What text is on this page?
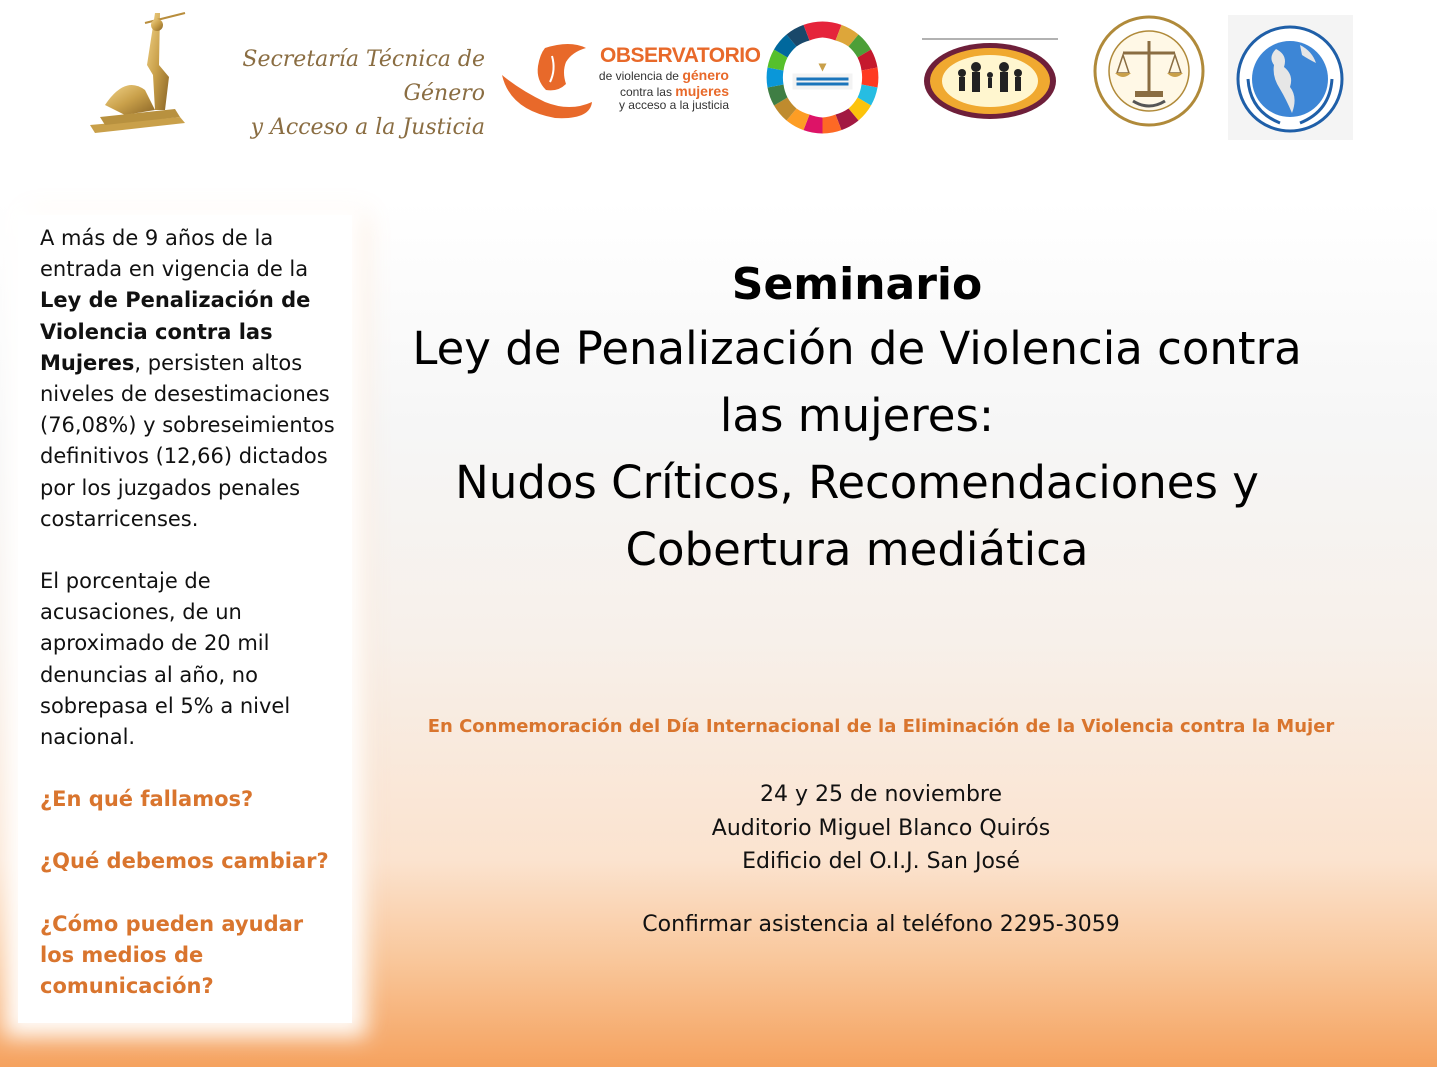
Secretaría Técnica de Género
y Acceso a la Justicia
OBSERVATORIO
de violencia de género
contra las mujeres
y acceso a la justicia

A más de 9 años de la entrada en vigencia de la Ley de Penalización de Violencia contra las Mujeres, persisten altos niveles de desestimaciones (76,08%) y sobreseimientos definitivos (12,66) dictados por los juzgados penales costarricenses.

El porcentaje de acusaciones, de un aproximado de 20 mil denuncias al año, no sobrepasa el 5% a nivel nacional.

¿En qué fallamos?

¿Qué debemos cambiar?

¿Cómo pueden ayudar los medios de comunicación?

Seminario
Ley de Penalización de Violencia contra
las mujeres:
Nudos Críticos, Recomendaciones y
Cobertura mediática
En Conmemoración del Día Internacional de la Eliminación de la Violencia contra la Mujer
24 y 25 de noviembre
Auditorio Miguel Blanco Quirós
Edificio del O.I.J. San José
Confirmar asistencia al teléfono 2295-3059
